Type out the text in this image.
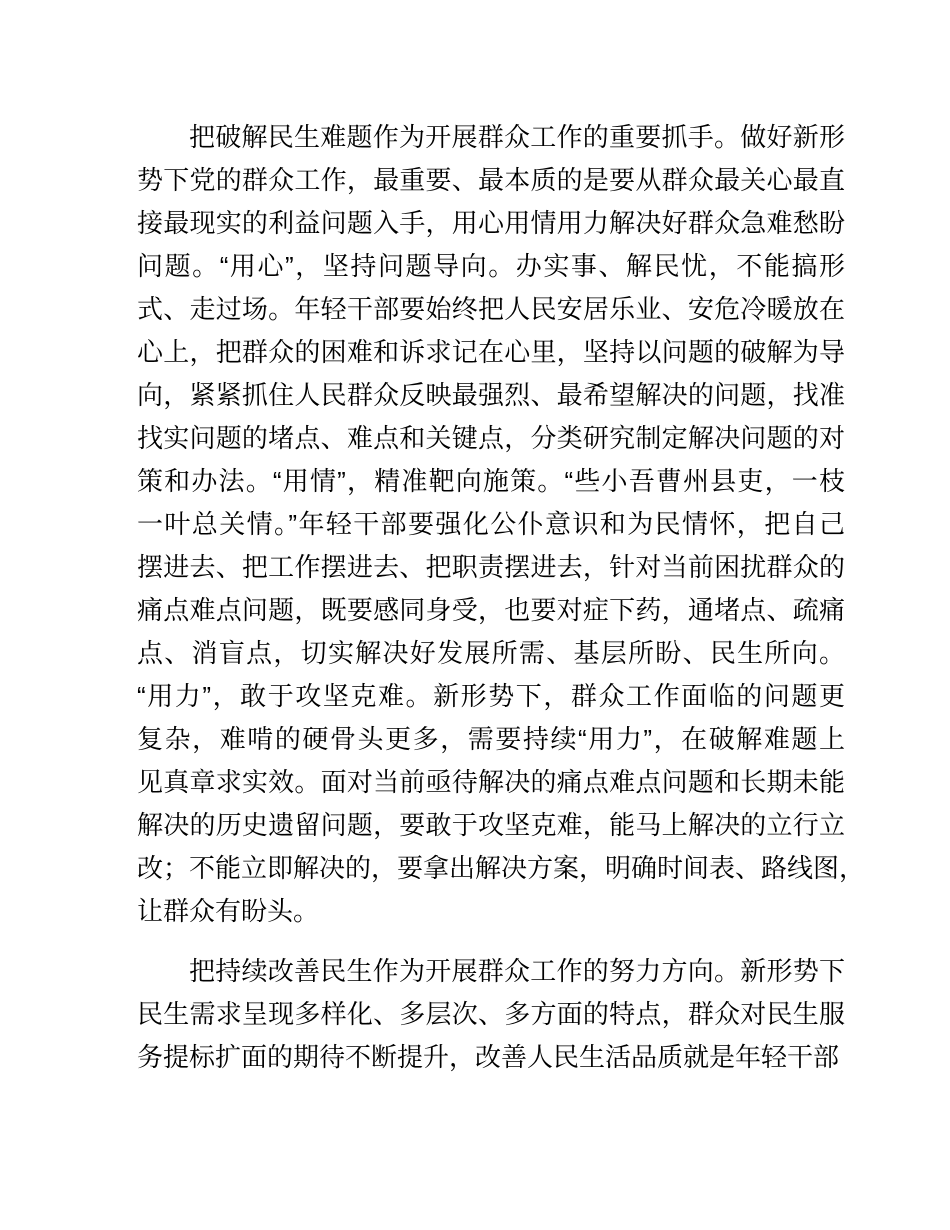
把破解民生难题作为开展群众工作的重要抓手。做好新形
势下党的群众工作，最重要、最本质的是要从群众最关心最直
接最现实的利益问题入手，用心用情用力解决好群众急难愁盼
问题。“用心”，坚持问题导向。办实事、解民忧，不能搞形
式、走过场。年轻干部要始终把人民安居乐业、安危冷暖放在
心上，把群众的困难和诉求记在心里，坚持以问题的破解为导
向，紧紧抓住人民群众反映最强烈、最希望解决的问题，找准
找实问题的堵点、难点和关键点，分类研究制定解决问题的对
策和办法。“用情”，精准靶向施策。“些小吾曹州县吏，一枝
一叶总关情。”年轻干部要强化公仆意识和为民情怀，把自己
摆进去、把工作摆进去、把职责摆进去，针对当前困扰群众的
痛点难点问题，既要感同身受，也要对症下药，通堵点、疏痛
点、消盲点，切实解决好发展所需、基层所盼、民生所向。
“用力”，敢于攻坚克难。新形势下，群众工作面临的问题更
复杂，难啃的硬骨头更多，需要持续“用力”，在破解难题上
见真章求实效。面对当前亟待解决的痛点难点问题和长期未能
解决的历史遗留问题，要敢于攻坚克难，能马上解决的立行立
改；不能立即解决的，要拿出解决方案，明确时间表、路线图，
让群众有盼头。
把持续改善民生作为开展群众工作的努力方向。新形势下
民生需求呈现多样化、多层次、多方面的特点，群众对民生服
务提标扩面的期待不断提升，改善人民生活品质就是年轻干部
